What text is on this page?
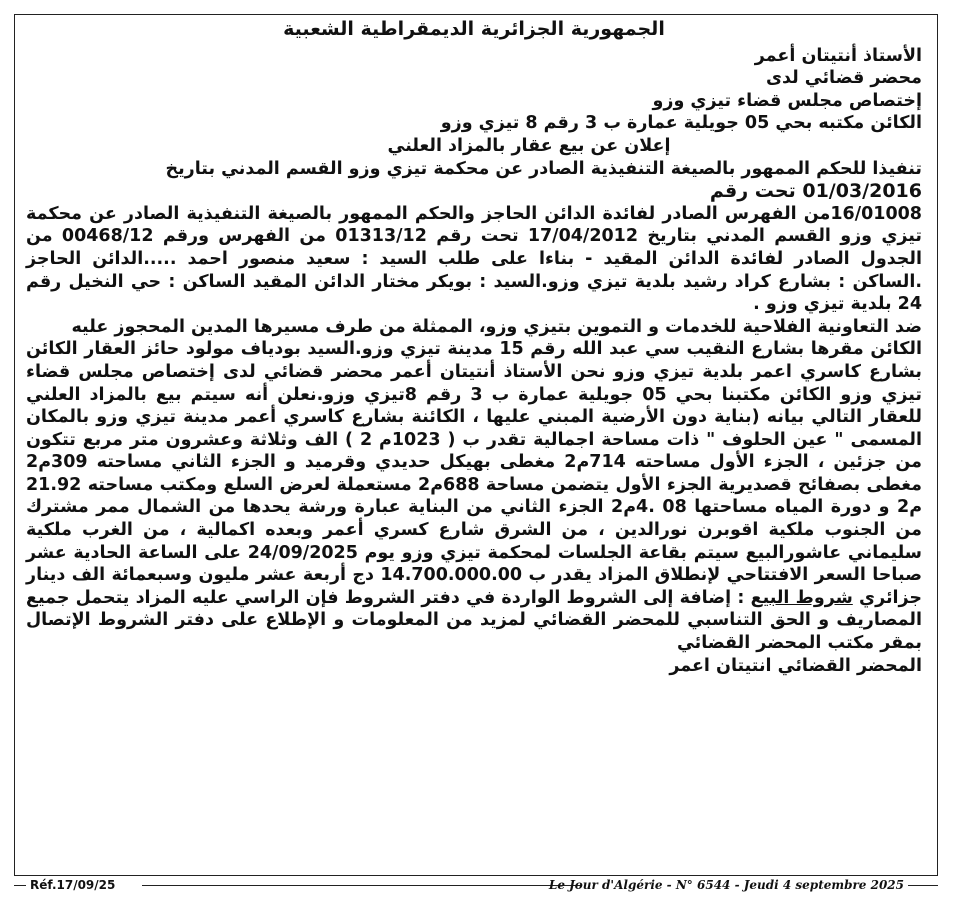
الجمهورية الجزائرية الديمقراطية الشعبية

الأستاذ أنتيتان أعمر

محضر قضائي لدى

إختصاص مجلس قضاء تيزي وزو

الكائن مكتبه بحي 05 جويلية عمارة ب 3 رقم 8 تيزي وزو

إعلان عن بيع عقار بالمزاد العلني

تنفيذا للحكم الممهور بالصيغة التنفيذية الصادر عن محكمة تيزي وزو القسم المدني بتاريخ

01/03/2016 تحت رقم

16/01008من الفهرس الصادر لفائدة الدائن الحاجز والحكم الممهور بالصيغة التنفيذية الصادر عن محكمة تيزي وزو القسم المدني بتاريخ 17/04/2012 تحت رقم 01313/12 من الفهرس ورقم 00468/12 من الجدول الصادر لفائدة الدائن المقيد - بناءا على طلب السيد : سعيد منصور احمد .....الدائن الحاجز .الساكن : بشارع كراد رشيد بلدية تيزي وزو.السيد : بويكر مختار الدائن المقيد الساكن : حي النخيل رقم 24 بلدية تيزي وزو .

ضد التعاونية الفلاحية للخدمات و التموين بتيزي وزو، الممثلة من طرف مسيرها المدين المحجوز عليه

الكائن مقرها بشارع النقيب سي عبد الله رقم 15 مدينة تيزي وزو.السيد بودياف مولود حائز العقار الكائن بشارع كاسري اعمر بلدية تيزي وزو نحن الأستاذ أنتيتان أعمر محضر قضائي لدى إختصاص مجلس قضاء تيزي وزو الكائن مكتبنا بحي 05 جويلية عمارة ب 3 رقم 8تيزي وزو.نعلن أنه سيتم بيع بالمزاد العلني للعقار التالي بيانه (بناية دون الأرضية المبني عليها ، الكائنة بشارع كاسري أعمر مدينة تيزي وزو بالمكان المسمى " عين الحلوف " ذات مساحة اجمالية تقدر ب ( 1023م 2 ) الف وثلاثة وعشرون متر مربع تتكون من جزئين ، الجزء الأول مساحته 714م2 مغطى بهيكل حديدي وقرميد و الجزء الثاني مساحته 309م2 مغطى بصفائح قصديرية الجزء الأول يتضمن مساحة 688م2 مستعملة لعرض السلع ومكتب مساحته 21.92 م2 و دورة المياه مساحتها 08 .4م2 الجزء الثاني من البناية عبارة ورشة يحدها من الشمال ممر مشترك من الجنوب ملكية اقوبرن نورالدين ، من الشرق شارع كسري أعمر وبعده اكمالية ، من الغرب ملكية سليماني عاشورالبيع سيتم بقاعة الجلسات لمحكمة تيزي وزو يوم 24/09/2025 على الساعة الحادية عشر صباحا السعر الافتتاحي لإنطلاق المزاد يقدر ب 14.700.000.00 دج أربعة عشر مليون وسبعمائة الف دينار جزائري شروط البيع : إضافة إلى الشروط الواردة في دفتر الشروط فإن الراسي عليه المزاد يتحمل جميع المصاريف و الحق التناسبي للمحضر القضائي لمزيد من المعلومات و الإطلاع على دفتر الشروط الإتصال بمقر مكتب المحضر القضائي

المحضر القضائي انتيتان اعمر

Réf.17/09/25	Le Jour d'Algérie - N° 6544 - Jeudi 4 septembre 2025
